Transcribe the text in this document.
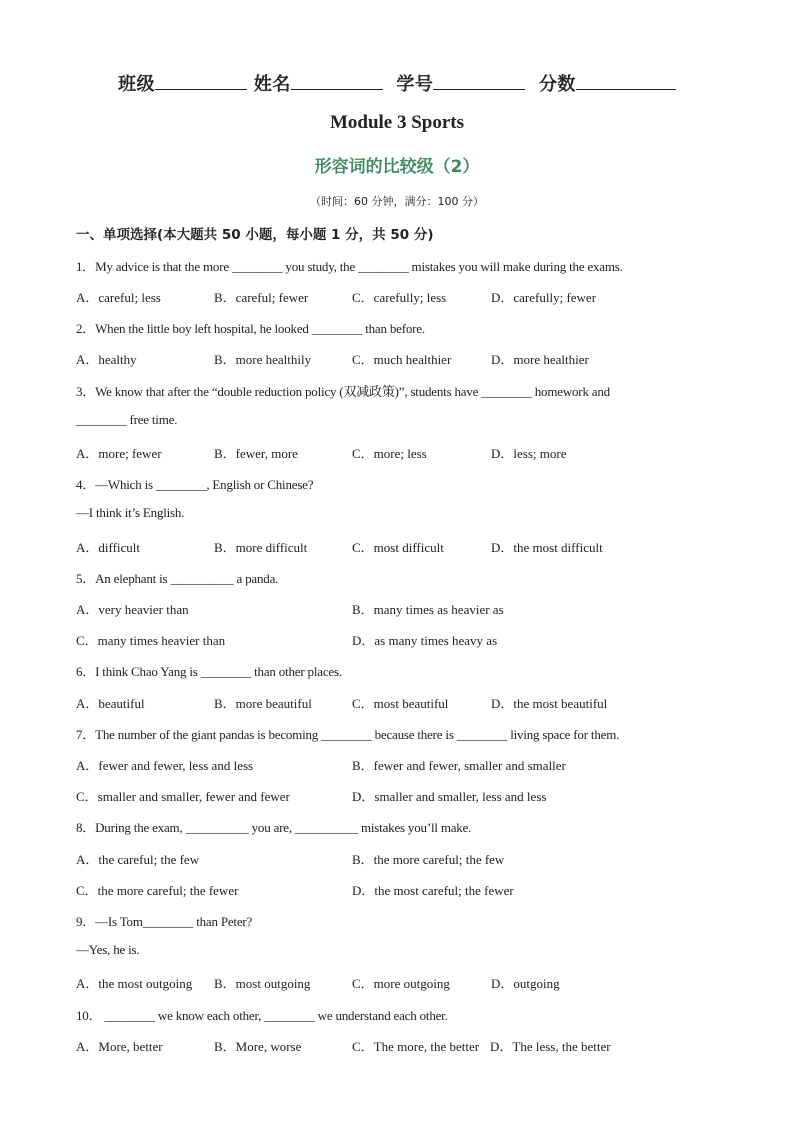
班级	姓名	学号	分数
Module 3 Sports
形容词的比较级（2）
（时间：60 分钟，满分：100 分）
一、单项选择(本大题共 50 小题，每小题 1 分，共 50 分)
1．My advice is that the more ________ you study, the ________ mistakes you will make during the exams.
A．careful; less	B．careful; fewer	C．carefully; less	D．carefully; fewer
2．When the little boy left hospital, he looked ________ than before.
A．healthy	B．more healthily	C．much healthier	D．more healthier
3．We know that after the “double reduction policy (双减政策)”, students have ________ homework and
________ free time.
A．more; fewer	B．fewer, more	C．more; less	D．less; more
4．—Which is ________, English or Chinese?
—I think it’s English.
A．difficult	B．more difficult	C．most difficult	D．the most difficult
5．An elephant is __________ a panda.
A．very heavier than	B．many times as heavier as
C．many times heavier than	D．as many times heavy as
6．I think Chao Yang is ________ than other places.
A．beautiful	B．more beautiful	C．most beautiful	D．the most beautiful
7．The number of the giant pandas is becoming ________ because there is ________ living space for them.
A．fewer and fewer, less and less	B．fewer and fewer, smaller and smaller
C．smaller and smaller, fewer and fewer	D．smaller and smaller, less and less
8．During the exam, __________ you are, __________ mistakes you’ll make.
A．the careful; the few	B．the more careful; the few
C．the more careful; the fewer	D．the most careful; the fewer
9．—Is Tom________ than Peter?
—Yes, he is.
A．the most outgoing B．most outgoing	C．more outgoing	D．outgoing
10． ________ we know each other, ________ we understand each other.
A．More, better	B．More, worse	C．The more, the better D．The less, the better
